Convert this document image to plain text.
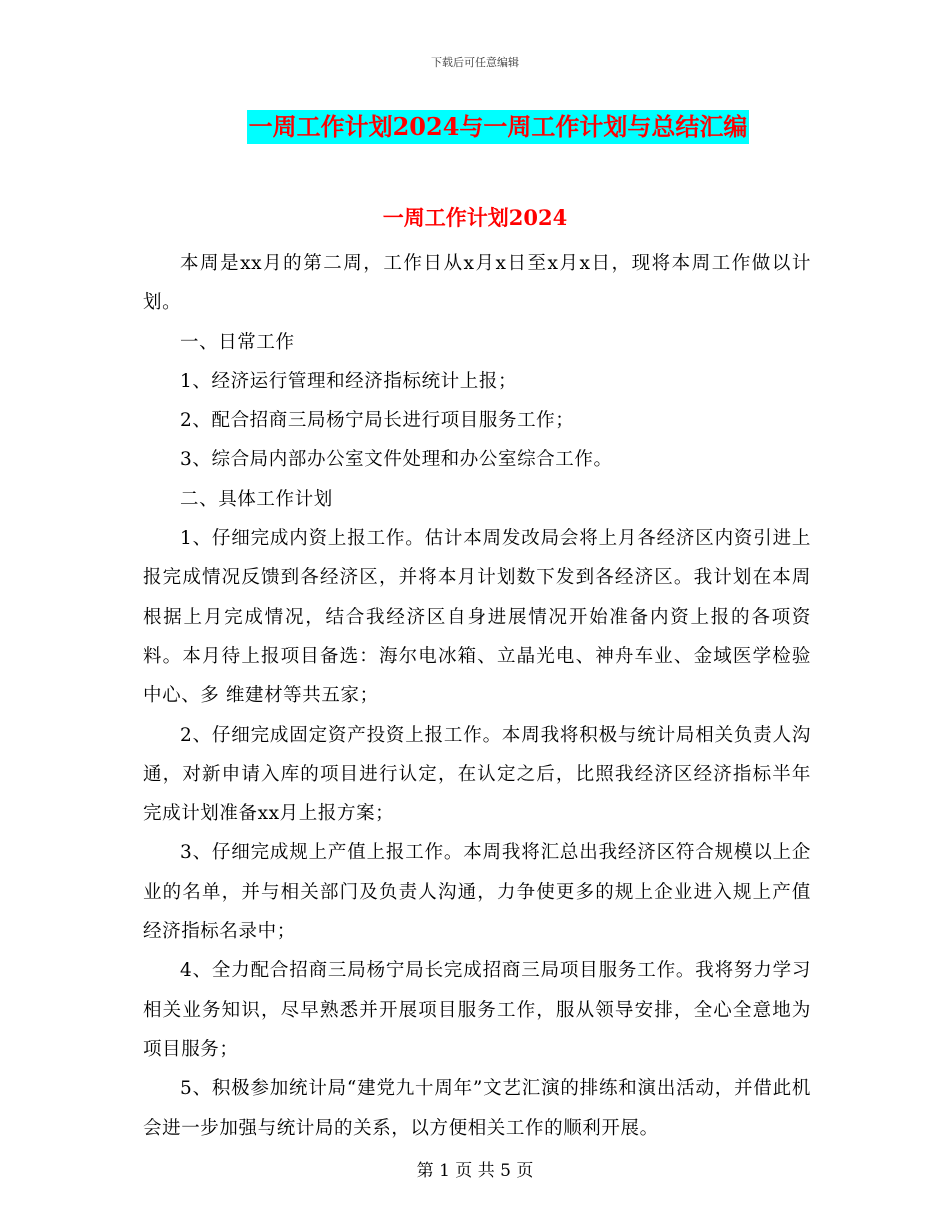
下载后可任意编辑
一周工作计划2024与一周工作计划与总结汇编
一周工作计划2024

本周是xx月的第二周，工作日从x月x日至x月x日，现将本周工作做以计划。

一、日常工作

1、经济运行管理和经济指标统计上报；

2、配合招商三局杨宁局长进行项目服务工作；

3、综合局内部办公室文件处理和办公室综合工作。

二、具体工作计划

1、仔细完成内资上报工作。估计本周发改局会将上月各经济区内资引进上报完成情况反馈到各经济区，并将本月计划数下发到各经济区。我计划在本周根据上月完成情况，结合我经济区自身进展情况开始准备内资上报的各项资料。本月待上报项目备选：海尔电冰箱、立晶光电、神舟车业、金域医学检验中心、多 维建材等共五家；

2、仔细完成固定资产投资上报工作。本周我将积极与统计局相关负责人沟通，对新申请入库的项目进行认定，在认定之后，比照我经济区经济指标半年完成计划准备xx月上报方案；

3、仔细完成规上产值上报工作。本周我将汇总出我经济区符合规模以上企业的名单，并与相关部门及负责人沟通，力争使更多的规上企业进入规上产值经济指标名录中；

4、全力配合招商三局杨宁局长完成招商三局项目服务工作。我将努力学习相关业务知识，尽早熟悉并开展项目服务工作，服从领导安排，全心全意地为项目服务；

5、积极参加统计局“建党九十周年”文艺汇演的排练和演出活动，并借此机会进一步加强与统计局的关系，以方便相关工作的顺利开展。

第 1 页 共 5 页
